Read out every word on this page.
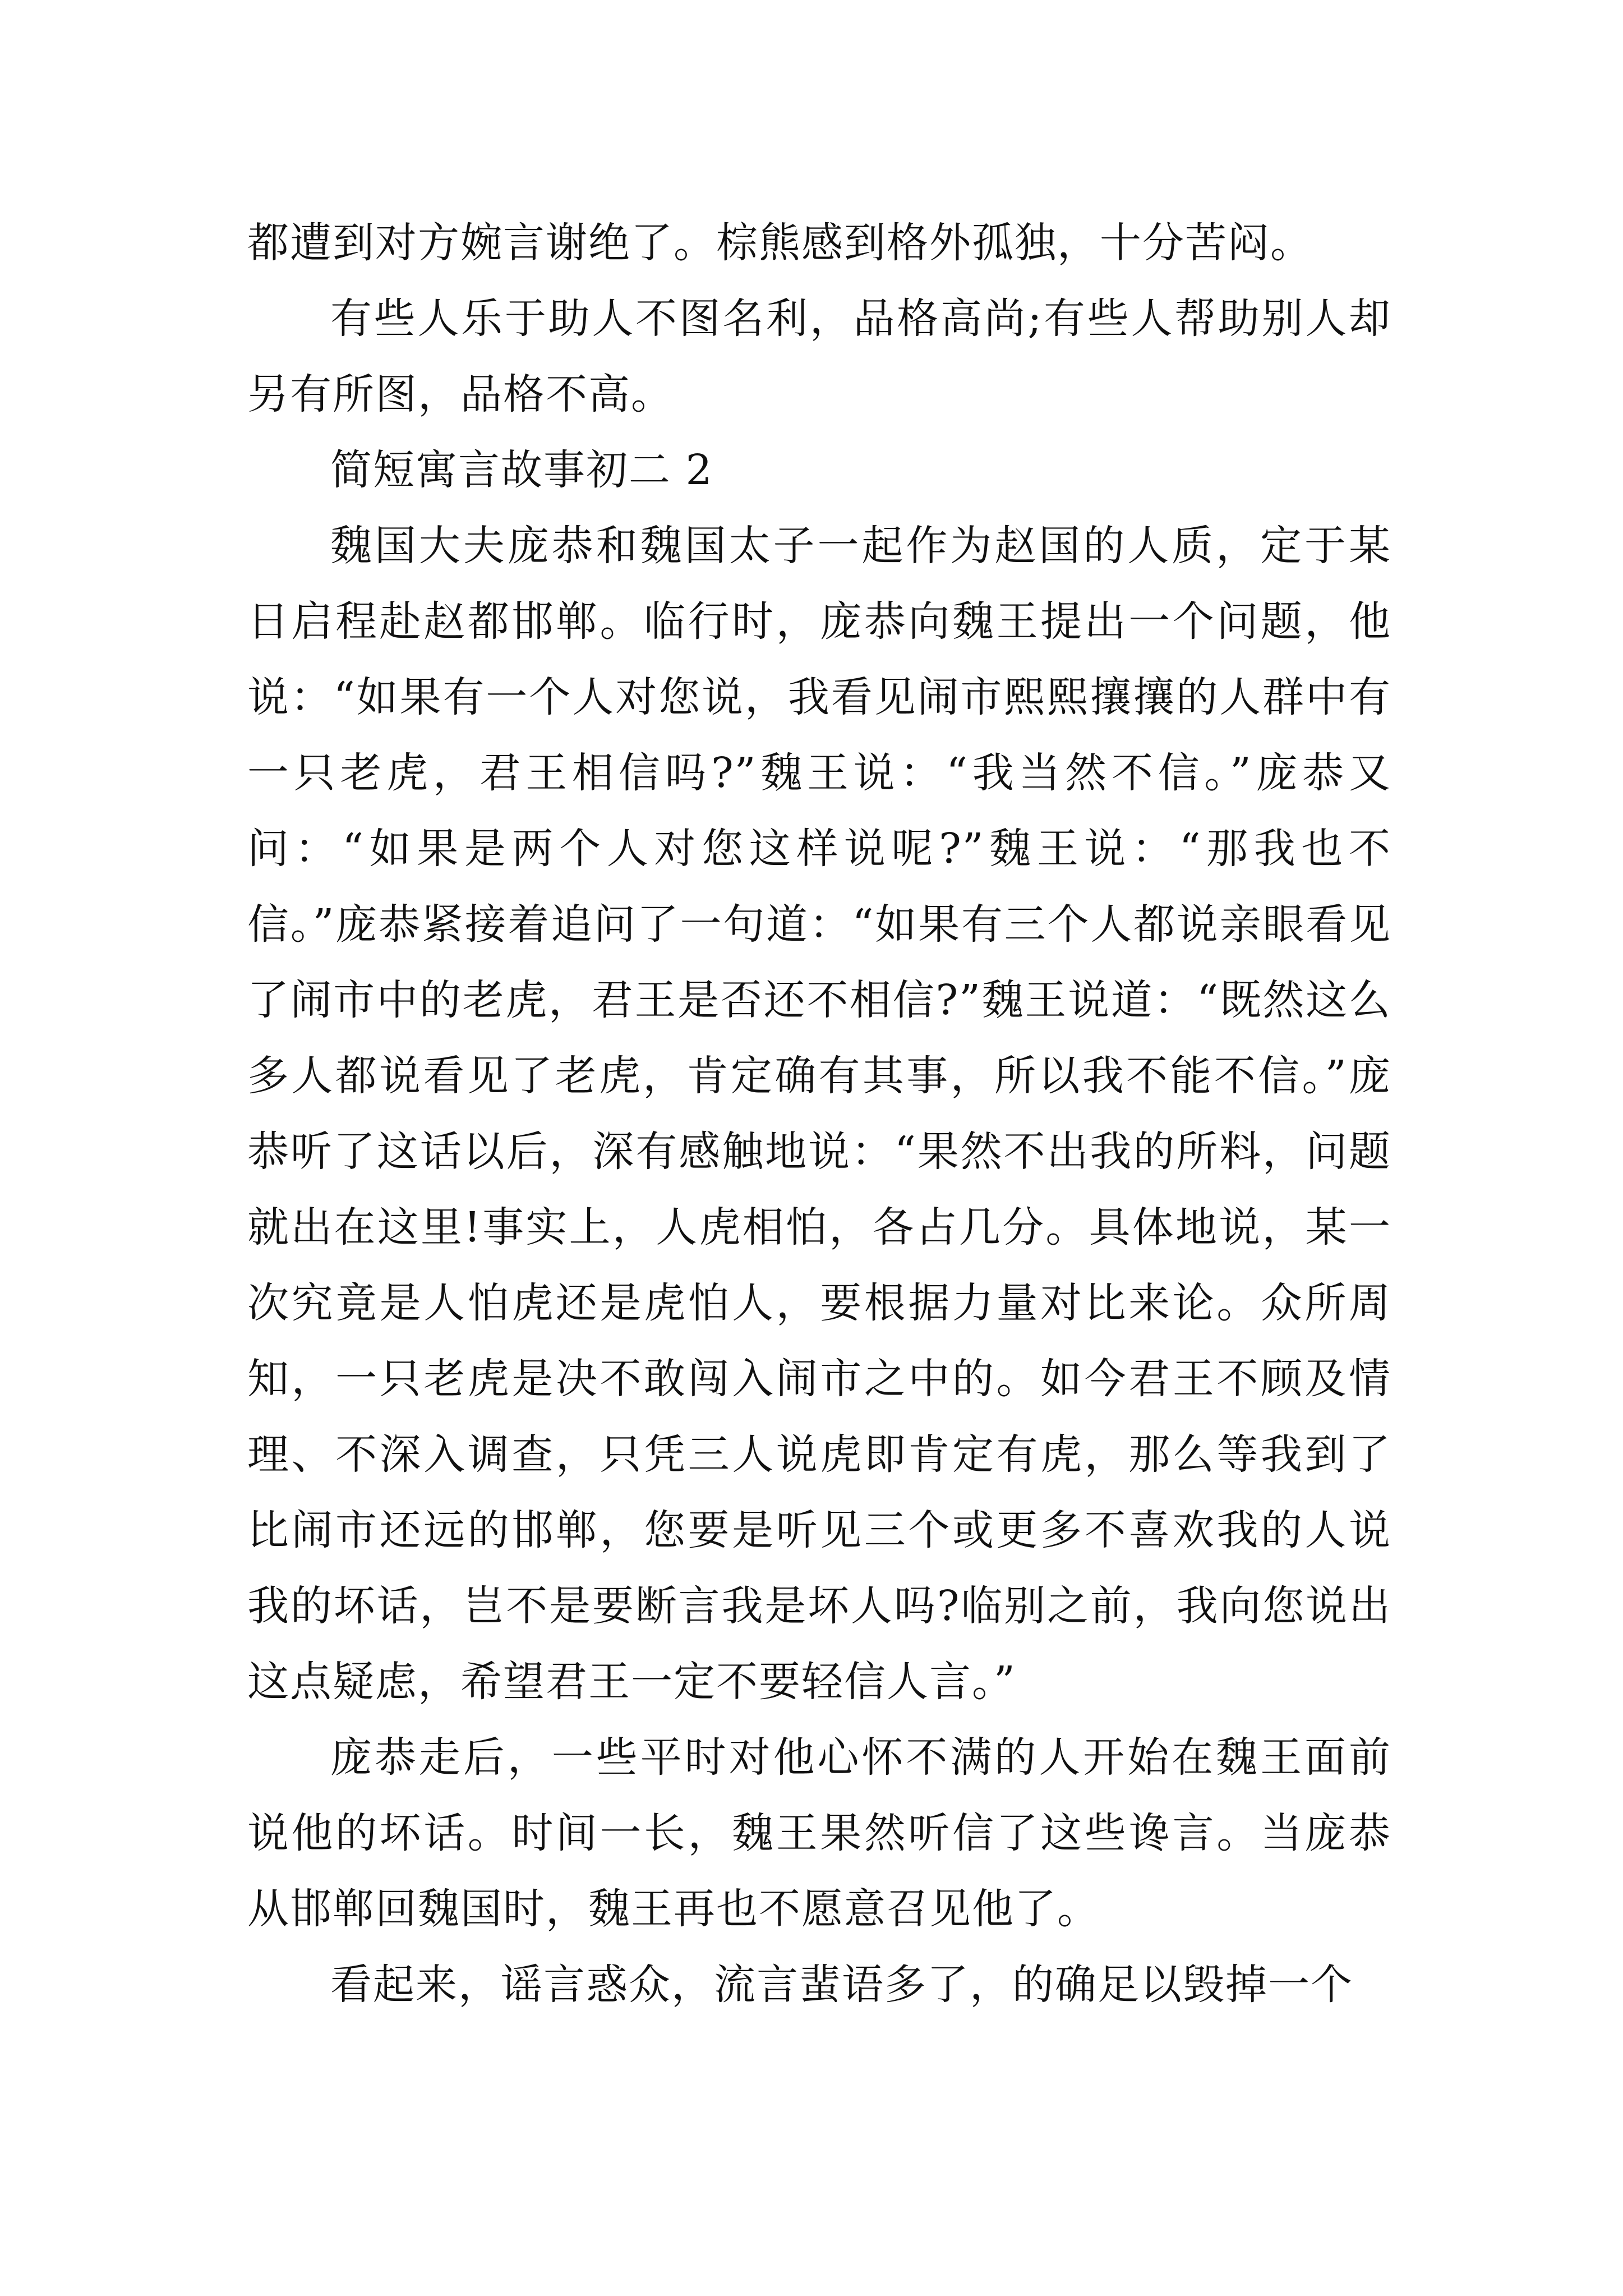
都遭到对方婉言谢绝了。棕熊感到格外孤独，十分苦闷。

有些人乐于助人不图名利，品格高尚;有些人帮助别人却另有所图，品格不高。

简短寓言故事初二 2

魏国大夫庞恭和魏国太子一起作为赵国的人质，定于某日启程赴赵都邯郸。临行时，庞恭向魏王提出一个问题，他说：“如果有一个人对您说，我看见闹市熙熙攘攘的人群中有一只老虎，君王相信吗?”魏王说：“我当然不信。”庞恭又问：“如果是两个人对您这样说呢?”魏王说：“那我也不信。”庞恭紧接着追问了一句道：“如果有三个人都说亲眼看见了闹市中的老虎，君王是否还不相信?”魏王说道：“既然这么多人都说看见了老虎，肯定确有其事，所以我不能不信。”庞恭听了这话以后，深有感触地说：“果然不出我的所料，问题就出在这里!事实上，人虎相怕，各占几分。具体地说，某一次究竟是人怕虎还是虎怕人，要根据力量对比来论。众所周知，一只老虎是决不敢闯入闹市之中的。如今君王不顾及情理、不深入调查，只凭三人说虎即肯定有虎，那么等我到了比闹市还远的邯郸，您要是听见三个或更多不喜欢我的人说我的坏话，岂不是要断言我是坏人吗?临别之前，我向您说出这点疑虑，希望君王一定不要轻信人言。”

庞恭走后，一些平时对他心怀不满的人开始在魏王面前说他的坏话。时间一长，魏王果然听信了这些谗言。当庞恭从邯郸回魏国时，魏王再也不愿意召见他了。

看起来，谣言惑众，流言蜚语多了，的确足以毁掉一个
